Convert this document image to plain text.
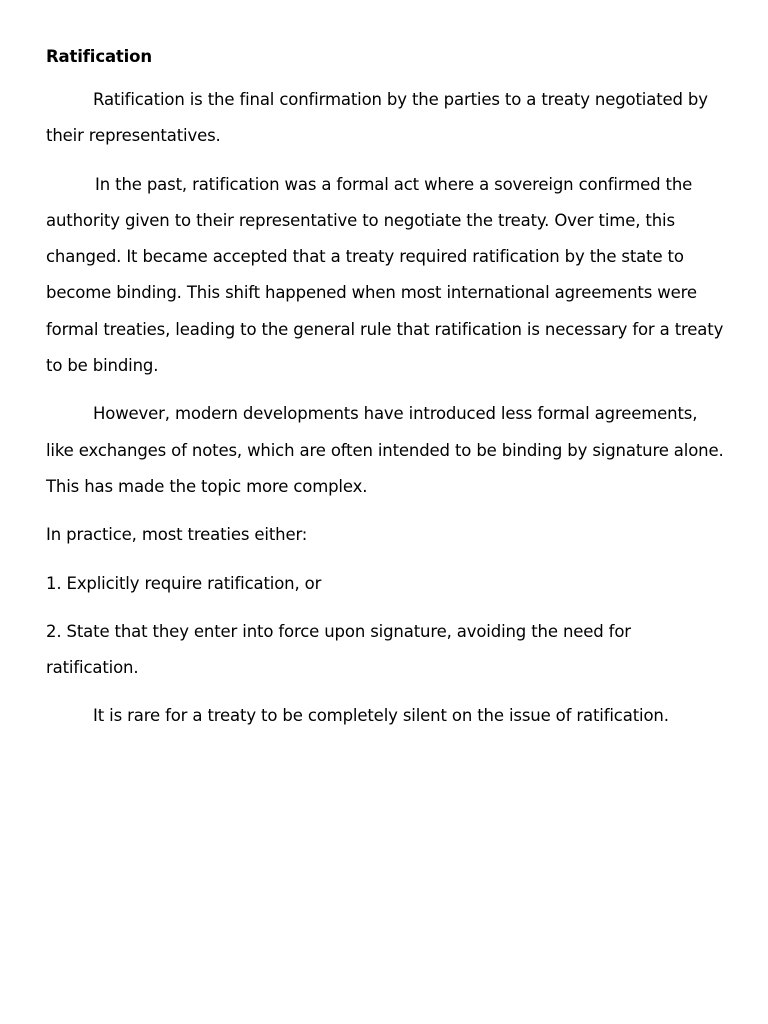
Ratification

Ratification is the final confirmation by the parties to a treaty negotiated by their representatives.

In the past, ratification was a formal act where a sovereign confirmed the authority given to their representative to negotiate the treaty. Over time, this changed. It became accepted that a treaty required ratification by the state to become binding. This shift happened when most international agreements were formal treaties, leading to the general rule that ratification is necessary for a treaty to be binding.

However, modern developments have introduced less formal agreements, like exchanges of notes, which are often intended to be binding by signature alone. This has made the topic more complex.

In practice, most treaties either:

1. Explicitly require ratification, or

2. State that they enter into force upon signature, avoiding the need for ratification.

It is rare for a treaty to be completely silent on the issue of ratification.
